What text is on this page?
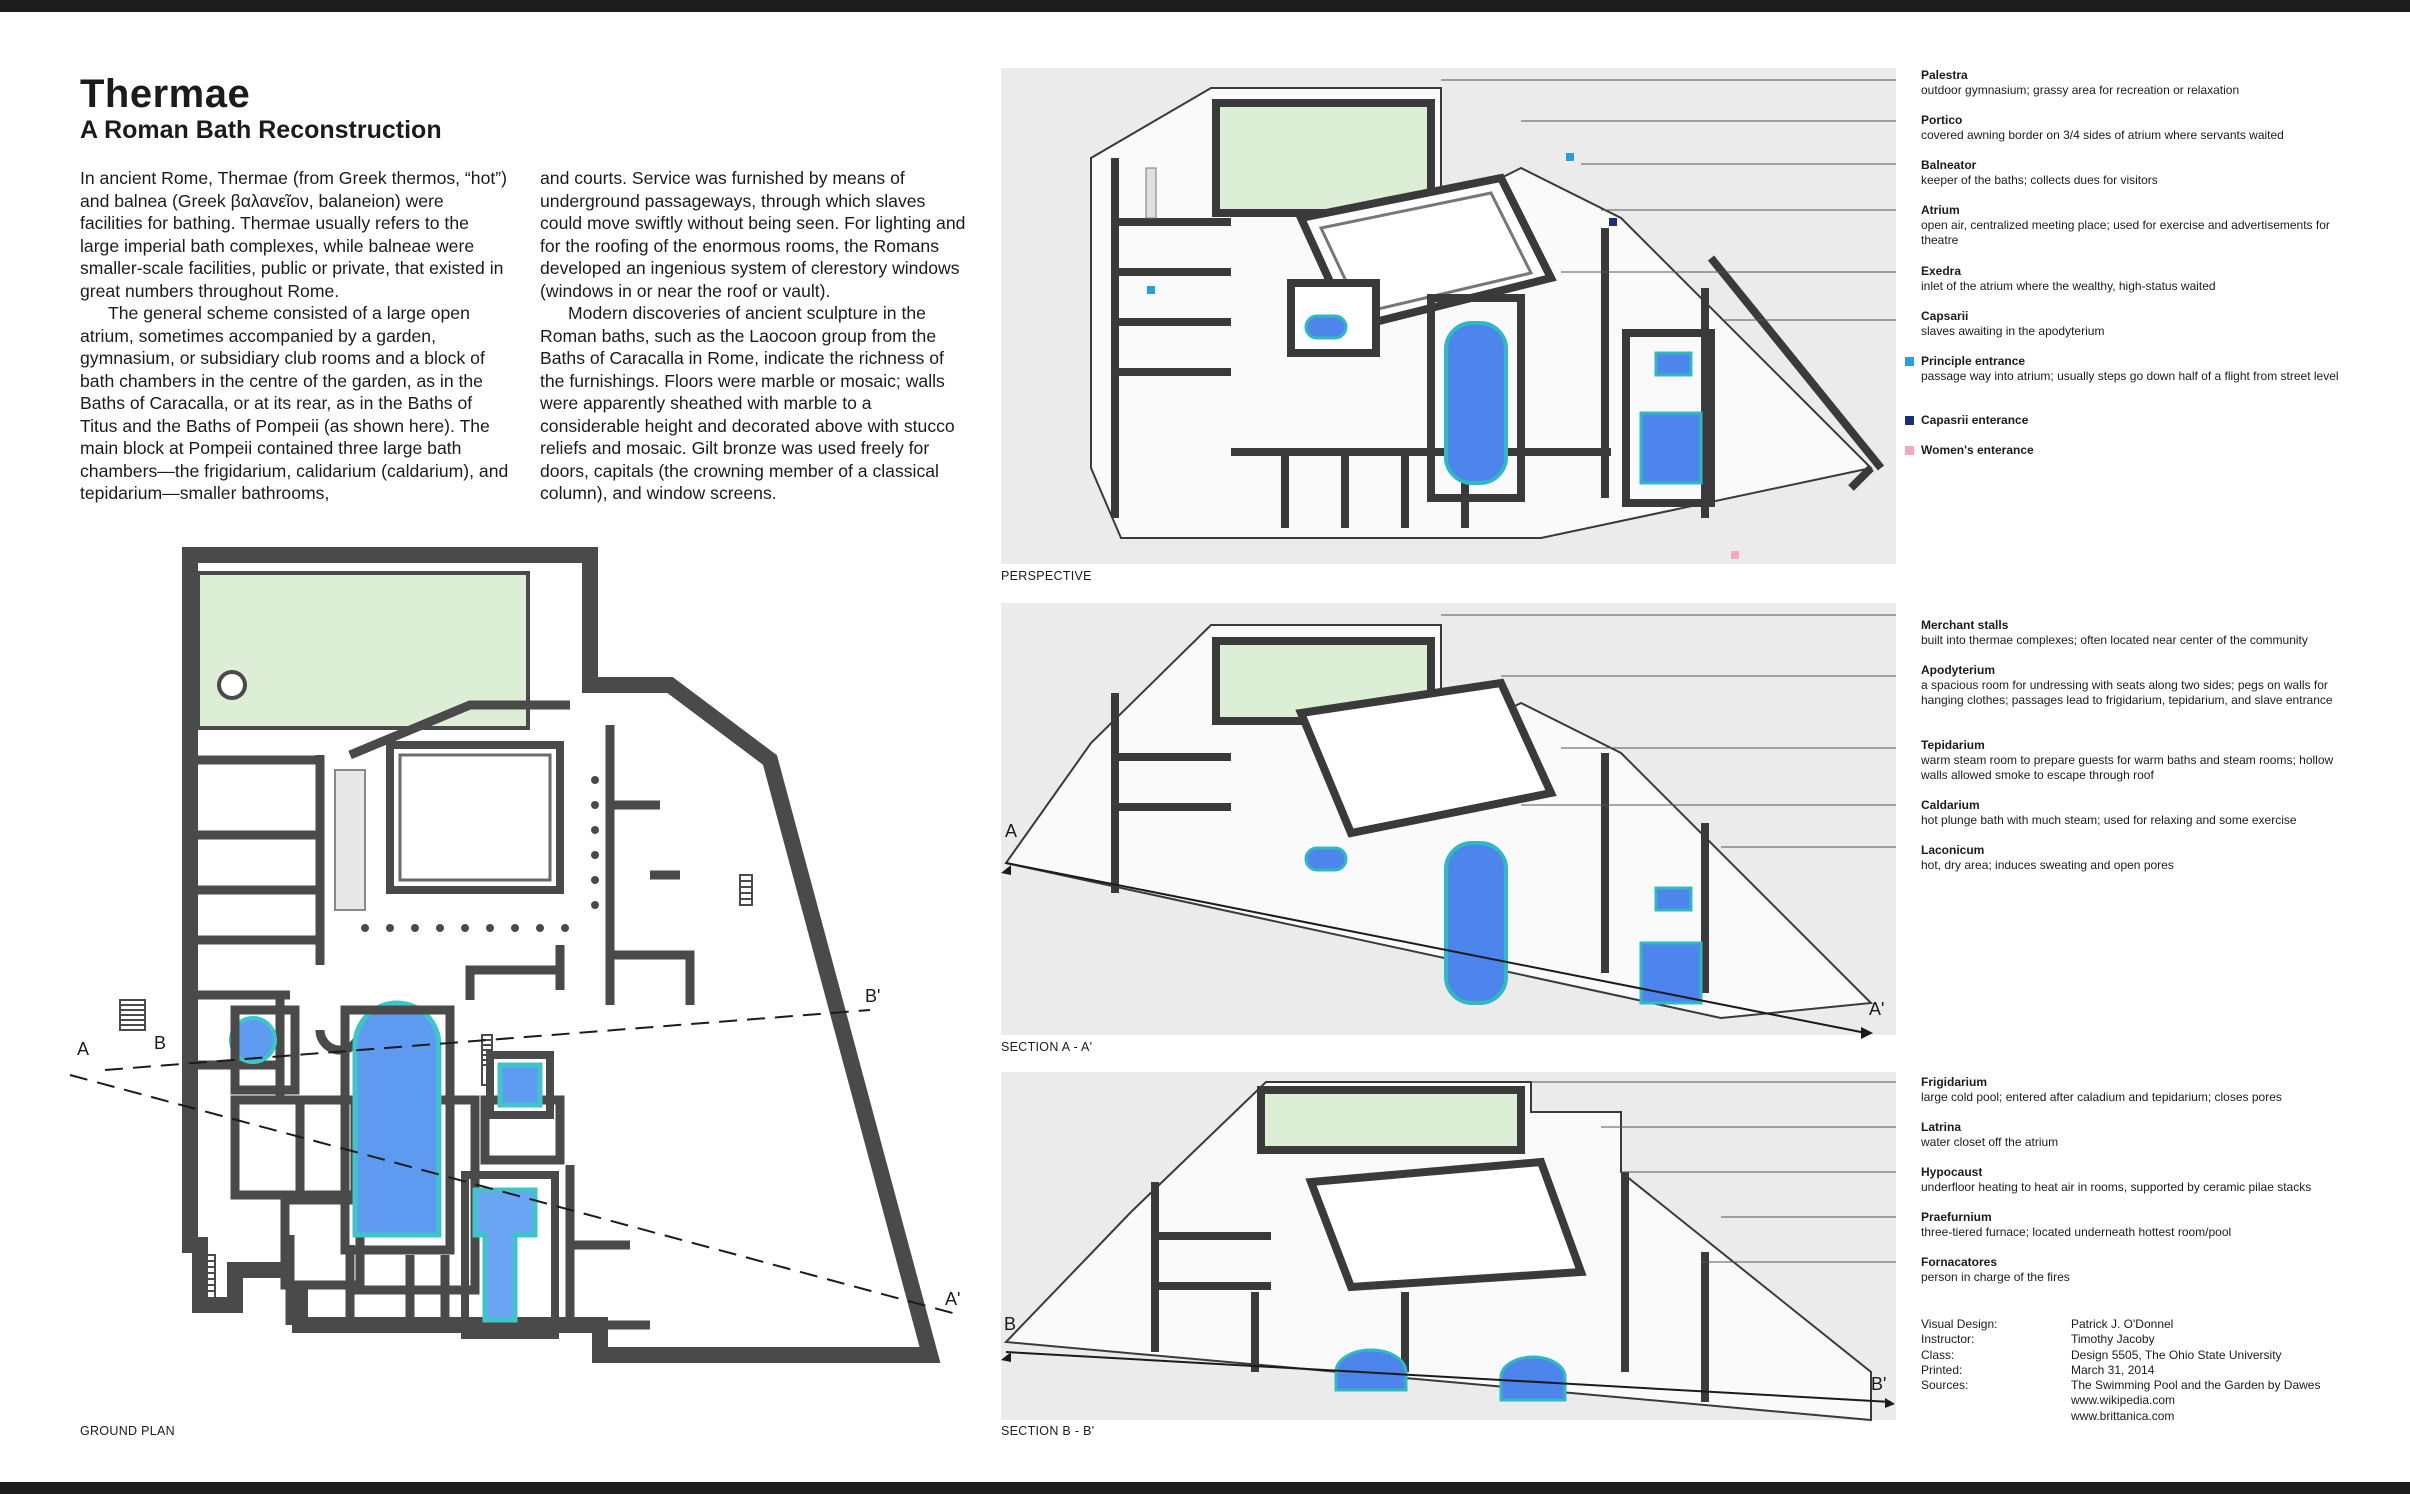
Thermae
A Roman Bath Reconstruction

In ancient Rome, Thermae (from Greek thermos, “hot”) and balnea (Greek βαλανεῖον, balaneion) were facilities for bathing. Thermae usually refers to the large imperial bath complexes, while balneae were smaller-scale facilities, public or private, that existed in great numbers throughout Rome.

The general scheme consisted of a large open atrium, sometimes accompanied by a garden, gymnasium, or subsidiary club rooms and a block of bath chambers in the centre of the garden, as in the Baths of Caracalla, or at its rear, as in the Baths of Titus and the Baths of Pompeii (as shown here). The main block at Pompeii contained three large bath chambers—the frigidarium, calidarium (caldarium), and tepidarium—smaller bathrooms,

and courts. Service was furnished by means of underground passageways, through which slaves could move swiftly without being seen. For lighting and for the roofing of the enormous rooms, the Romans developed an ingenious system of clerestory windows (windows in or near the roof or vault).

Modern discoveries of ancient sculpture in the Roman baths, such as the Laocoon group from the Baths of Caracalla in Rome, indicate the richness of the furnishings. Floors were marble or mosaic; walls were apparently sheathed with marble to a considerable height and decorated above with stucco reliefs and mosaic. Gilt bronze was used freely for doors, capitals (the crowning member of a classical column), and window screens.

A	B
B'
A'
GROUND PLAN
PERSPECTIVE
A
A'
SECTION A - A'
B
B'
SECTION B - B'
Palestra
outdoor gymnasium; grassy area for recreation or relaxation
Portico
covered awning border on 3/4 sides of atrium where servants waited
Balneator
keeper of the baths; collects dues for visitors
Atrium
open air, centralized meeting place; used for exercise and advertisements for theatre
Exedra
inlet of the atrium where the wealthy, high-status waited
Capsarii
slaves awaiting in the apodyterium
Principle entrance
passage way into atrium; usually steps go down half of a flight from street level
Capasrii enterance
Women's enterance
Merchant stalls
built into thermae complexes; often located near center of the community
Apodyterium
a spacious room for undressing with seats along two sides; pegs on walls for hanging clothes; passages lead to frigidarium, tepidarium, and slave entrance
Tepidarium
warm steam room to prepare guests for warm baths and steam rooms; hollow walls allowed smoke to escape through roof
Caldarium
hot plunge bath with much steam; used for relaxing and some exercise
Laconicum
hot, dry area; induces sweating and open pores
Frigidarium
large cold pool; entered after caladium and tepidarium; closes pores
Latrina
water closet off the atrium
Hypocaust
underfloor heating to heat air in rooms, supported by ceramic pilae stacks
Praefurnium
three-tiered furnace; located underneath hottest room/pool
Fornacatores
person in charge of the fires
Visual Design:	Patrick J. O'Donnel
Instructor:	Timothy Jacoby
Class:	Design 5505, The Ohio State University
Printed:	March 31, 2014
Sources:	The Swimming Pool and the Garden by Dawes
www.wikipedia.com
www.brittanica.com
